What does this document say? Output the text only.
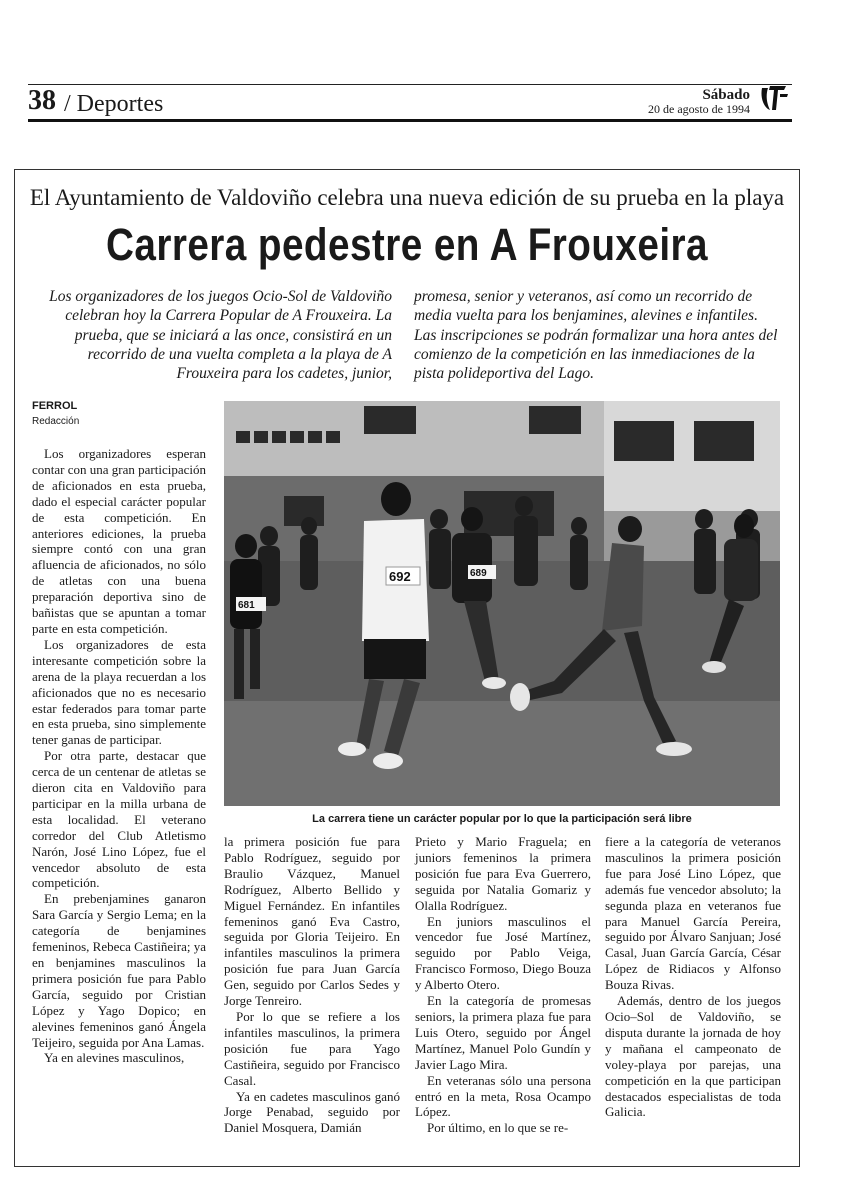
38 / Deportes	Sábado
20 de agosto de 1994
El Ayuntamiento de Valdoviño celebra una nueva edición de su prueba en la playa
Carrera pedestre en A Frouxeira
Los organizadores de los juegos Ocio-Sol de Valdoviño celebran hoy la Carrera Popular de A Frouxeira. La prueba, que se iniciará a las once, consistirá en un recorrido de una vuelta completa a la playa de A Frouxeira para los cadetes, junior,
promesa, senior y veteranos, así como un recorrido de media vuelta para los benjamines, alevines e infantiles. Las inscripciones se podrán formalizar una hora antes del comienzo de la competición en las inmediaciones de la pista polideportiva del Lago.
FERROL
Redacción

Los organizadores esperan contar con una gran participación de aficionados en esta prueba, dado el especial carácter popular de esta competición. En anteriores ediciones, la prueba siempre contó con una gran afluencia de aficionados, no sólo de atletas con una buena preparación deportiva sino de bañistas que se apuntan a tomar parte en esta competición.

Los organizadores de esta interesante competición sobre la arena de la playa recuerdan a los aficionados que no es necesario estar federados para tomar parte en esta prueba, sino simplemente tener ganas de participar.

Por otra parte, destacar que cerca de un centenar de atletas se dieron cita en Valdoviño para participar en la milla urbana de esta localidad. El veterano corredor del Club Atletismo Narón, José Lino López, fue el vencedor absoluto de esta competición.

En prebenjamines ganaron Sara García y Sergio Lema; en la categoría de benjamines femeninos, Rebeca Castiñeira; ya en benjamines masculinos la primera posición fue para Pablo García, seguido por Cristian López y Yago Dopico; en alevines femeninos ganó Ángela Teijeiro, seguida por Ana Lamas.

Ya en alevines masculinos,

681
692	689
La carrera tiene un carácter popular por lo que la participación será libre

la primera posición fue para Pablo Rodríguez, seguido por Braulio Vázquez, Manuel Rodríguez, Alberto Bellido y Miguel Fernández. En infantiles femeninos ganó Eva Castro, seguida por Gloria Teijeiro. En infantiles masculinos la primera posición fue para Juan García Gen, seguido por Carlos Sedes y Jorge Tenreiro.

Por lo que se refiere a los infantiles masculinos, la primera posición fue para Yago Castiñeira, seguido por Francisco Casal.

Ya en cadetes masculinos ganó Jorge Penabad, seguido por Daniel Mosquera, Damián

Prieto y Mario Fraguela; en juniors femeninos la primera posición fue para Eva Guerrero, seguida por Natalia Gomariz y Olalla Rodríguez.

En juniors masculinos el vencedor fue José Martínez, seguido por Pablo Veiga, Francisco Formoso, Diego Bouza y Alberto Otero.

En la categoría de promesas seniors, la primera plaza fue para Luis Otero, seguido por Ángel Martínez, Manuel Polo Gundín y Javier Lago Mira.

En veteranas sólo una persona entró en la meta, Rosa Ocampo López.

Por último, en lo que se re-

fiere a la categoría de veteranos masculinos la primera posición fue para José Lino López, que además fue vencedor absoluto; la segunda plaza en veteranos fue para Manuel García Pereira, seguido por Álvaro Sanjuan; José Casal, Juan García García, César López de Ridiacos y Alfonso Bouza Rivas.

Además, dentro de los juegos Ocio–Sol de Valdoviño, se disputa durante la jornada de hoy y mañana el campeonato de voley-playa por parejas, una competición en la que participan destacados especialistas de toda Galicia.
